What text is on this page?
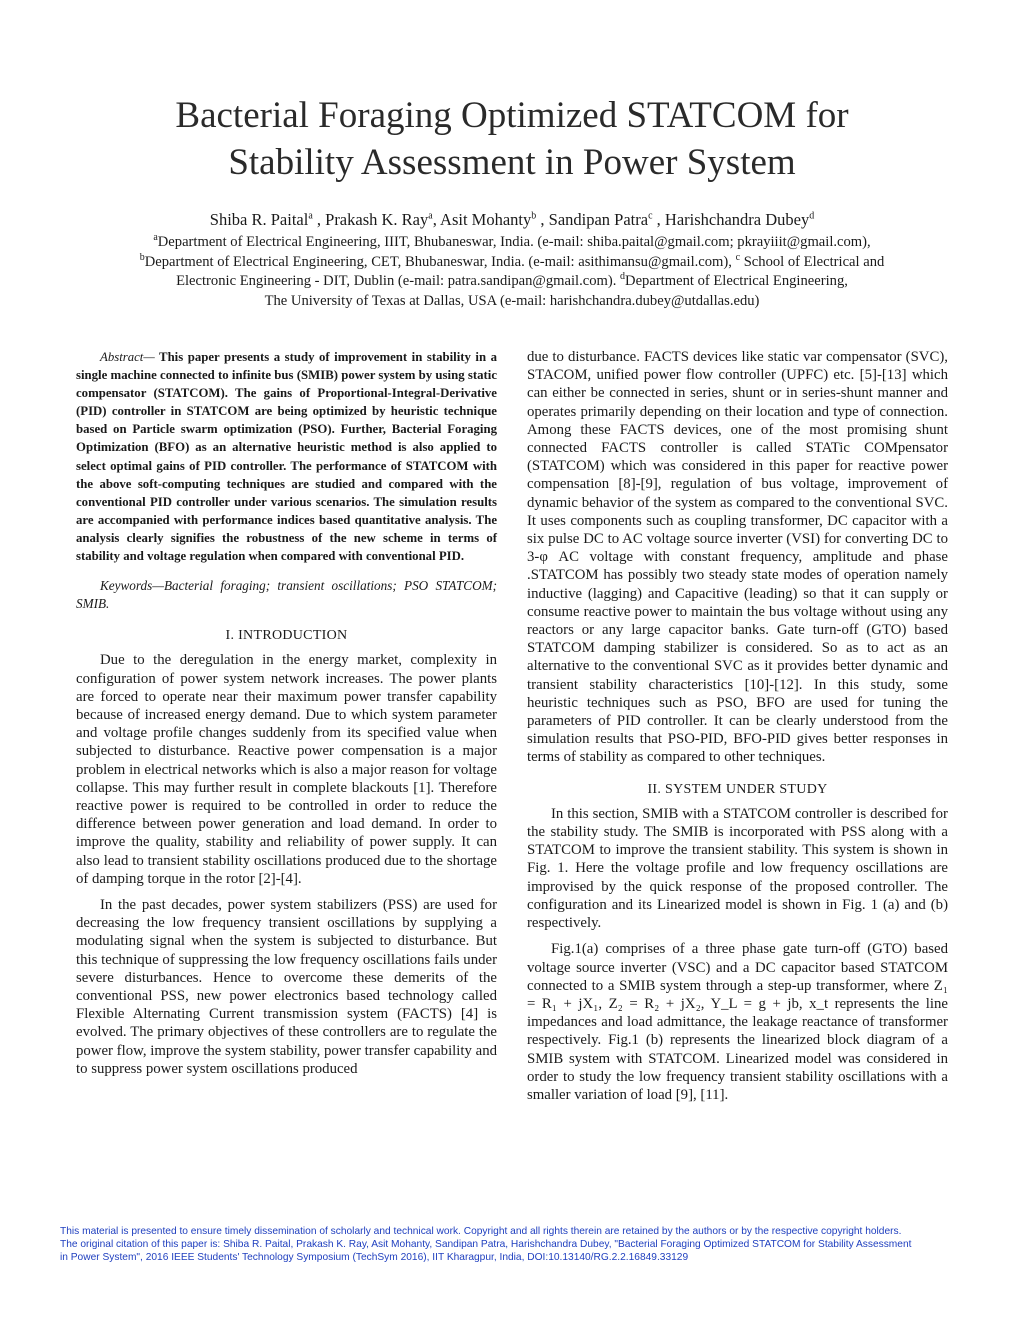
Bacterial Foraging Optimized STATCOM for
Stability Assessment in Power System
Shiba R. Paital$^a$ , Prakash K. Ray$^a$, Asit Mohanty$^b$ , Sandipan Patra$^c$ , Harishchandra Dubey$^d$
$^a$Department of Electrical Engineering, IIIT, Bhubaneswar, India. (e-mail: shiba.paital@gmail.com; pkrayiiit@gmail.com),
$^b$Department of Electrical Engineering, CET, Bhubaneswar, India. (e-mail: asithimansu@gmail.com), $^c$ School of Electrical and
Electronic Engineering - DIT, Dublin (e-mail: patra.sandipan@gmail.com). $^d$Department of Electrical Engineering,
The University of Texas at Dallas, USA (e-mail: harishchandra.dubey@utdallas.edu)

Abstract— This paper presents a study of improvement in stability in a single machine connected to infinite bus (SMIB) power system by using static compensator (STATCOM). The gains of Proportional-Integral-Derivative (PID) controller in STATCOM are being optimized by heuristic technique based on Particle swarm optimization (PSO). Further, Bacterial Foraging Optimization (BFO) as an alternative heuristic method is also applied to select optimal gains of PID controller. The performance of STATCOM with the above soft-computing techniques are studied and compared with the conventional PID controller under various scenarios. The simulation results are accompanied with performance indices based quantitative analysis. The analysis clearly signifies the robustness of the new scheme in terms of stability and voltage regulation when compared with conventional PID.

Keywords—Bacterial foraging; transient oscillations; PSO STATCOM; SMIB.

I. INTRODUCTION

Due to the deregulation in the energy market, complexity in configuration of power system network increases. The power plants are forced to operate near their maximum power transfer capability because of increased energy demand. Due to which system parameter and voltage profile changes suddenly from its specified value when subjected to disturbance. Reactive power compensation is a major problem in electrical networks which is also a major reason for voltage collapse. This may further result in complete blackouts [1]. Therefore reactive power is required to be controlled in order to reduce the difference between power generation and load demand. In order to improve the quality, stability and reliability of power supply. It can also lead to transient stability oscillations produced due to the shortage of damping torque in the rotor [2]-[4].

In the past decades, power system stabilizers (PSS) are used for decreasing the low frequency transient oscillations by supplying a modulating signal when the system is subjected to disturbance. But this technique of suppressing the low frequency oscillations fails under severe disturbances. Hence to overcome these demerits of the conventional PSS, new power electronics based technology called Flexible Alternating Current transmission system (FACTS) [4] is evolved. The primary objectives of these controllers are to regulate the power flow, improve the system stability, power transfer capability and to suppress power system oscillations produced

due to disturbance. FACTS devices like static var compensator (SVC), STACOM, unified power flow controller (UPFC) etc. [5]-[13] which can either be connected in series, shunt or in series-shunt manner and operates primarily depending on their location and type of connection. Among these FACTS devices, one of the most promising shunt connected FACTS controller is called STATic COMpensator (STATCOM) which was considered in this paper for reactive power compensation [8]-[9], regulation of bus voltage, improvement of dynamic behavior of the system as compared to the conventional SVC. It uses components such as coupling transformer, DC capacitor with a six pulse DC to AC voltage source inverter (VSI) for converting DC to 3-φ AC voltage with constant frequency, amplitude and phase .STATCOM has possibly two steady state modes of operation namely inductive (lagging) and Capacitive (leading) so that it can supply or consume reactive power to maintain the bus voltage without using any reactors or any large capacitor banks. Gate turn-off (GTO) based STATCOM damping stabilizer is considered. So as to act as an alternative to the conventional SVC as it provides better dynamic and transient stability characteristics [10]-[12]. In this study, some heuristic techniques such as PSO, BFO are used for tuning the parameters of PID controller. It can be clearly understood from the simulation results that PSO-PID, BFO-PID gives better responses in terms of stability as compared to other techniques.

II. SYSTEM UNDER STUDY

In this section, SMIB with a STATCOM controller is described for the stability study. The SMIB is incorporated with PSS along with a STATCOM to improve the transient stability. This system is shown in Fig. 1. Here the voltage profile and low frequency oscillations are improvised by the quick response of the proposed controller. The configuration and its Linearized model is shown in Fig. 1 (a) and (b) respectively.

Fig.1(a) comprises of a three phase gate turn-off (GTO) based voltage source inverter (VSC) and a DC capacitor based STATCOM connected to a SMIB system through a step-up transformer, where Z₁ = R₁ + jX₁, Z₂ = R₂ + jX₂, Y_L = g + jb, x_t represents the line impedances and load admittance, the leakage reactance of transformer respectively. Fig.1 (b) represents the linearized block diagram of a SMIB system with STATCOM. Linearized model was considered in order to study the low frequency transient stability oscillations with a smaller variation of load [9], [11].

This material is presented to ensure timely dissemination of scholarly and technical work. Copyright and all rights therein are retained by the authors or by the respective copyright holders.
The original citation of this paper is: Shiba R. Paital, Prakash K. Ray, Asit Mohanty, Sandipan Patra, Harishchandra Dubey, "Bacterial Foraging Optimized STATCOM for Stability Assessment
in Power System", 2016 IEEE Students' Technology Symposium (TechSym 2016), IIT Kharagpur, India, DOI:10.13140/RG.2.2.16849.33129
